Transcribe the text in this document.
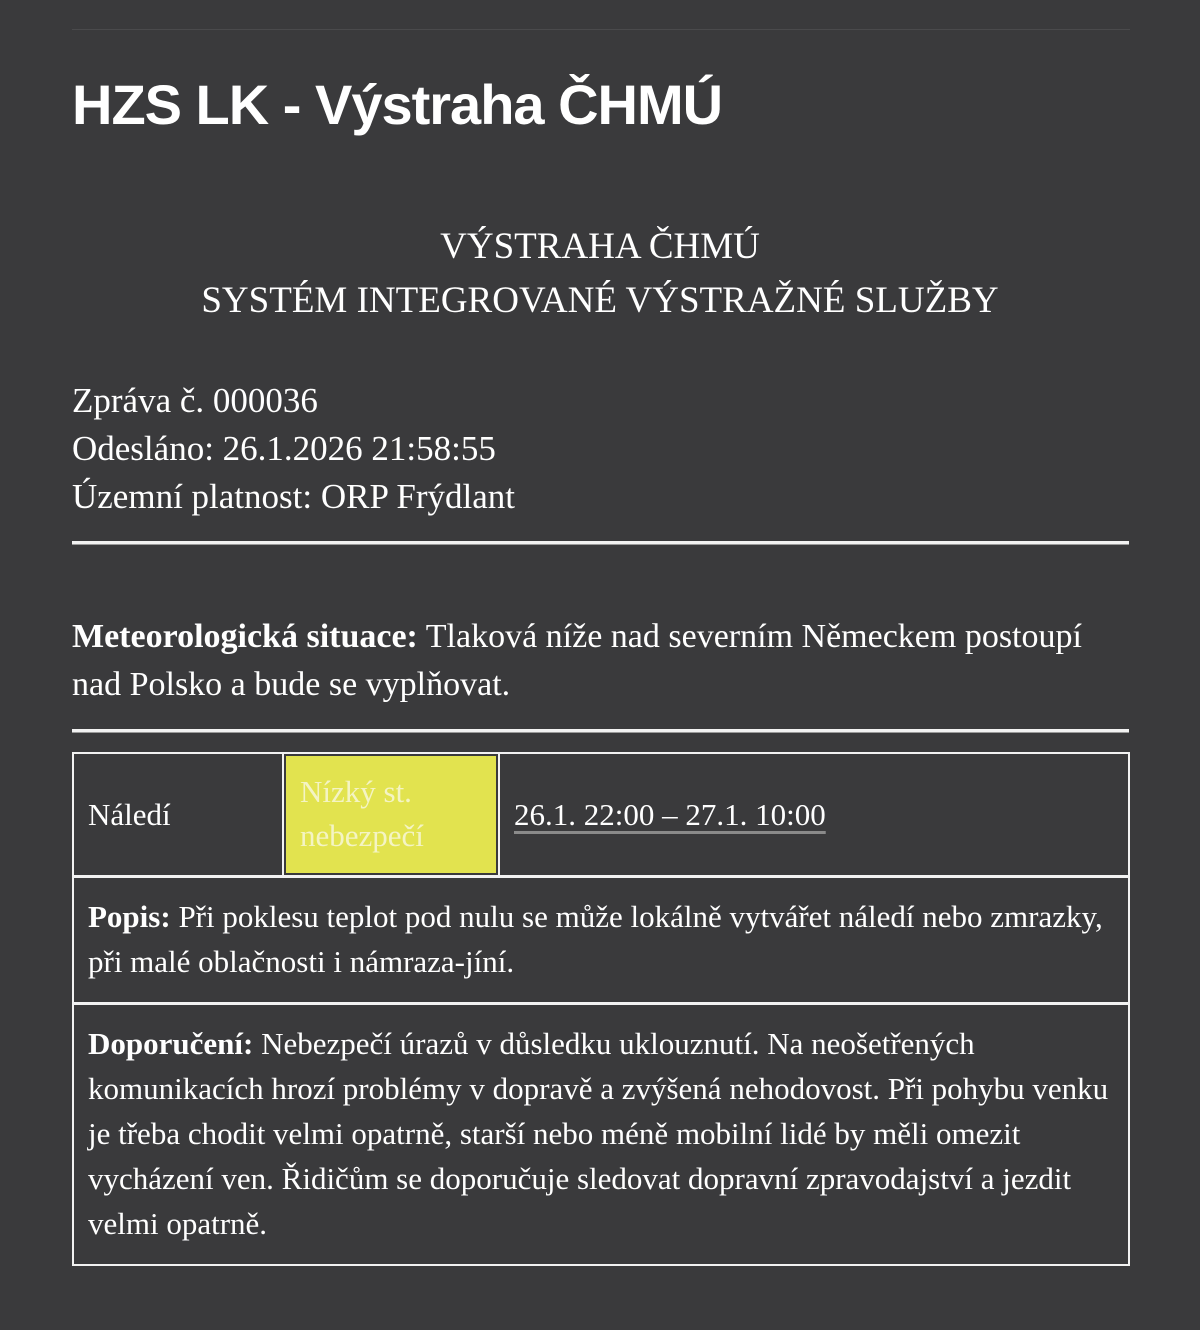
HZS LK - Výstraha ČHMÚ
VÝSTRAHA ČHMÚ
SYSTÉM INTEGROVANÉ VÝSTRAŽNÉ SLUŽBY
Zpráva č. 000036
Odesláno: 26.1.2026 21:58:55
Územní platnost: ORP Frýdlant
Meteorologická situace: Tlaková níže nad severním Německem postoupí nad Polsko a bude se vyplňovat.
Náledí
Nízký st. nebezpečí
26.1. 22:00 – 27.1. 10:00
Popis: Při poklesu teplot pod nulu se může lokálně vytvářet náledí nebo zmrazky, při malé oblačnosti i námraza-jíní.
Doporučení: Nebezpečí úrazů v důsledku uklouznutí. Na neošetřených komunikacích hrozí problémy v dopravě a zvýšená nehodovost. Při pohybu venku je třeba chodit velmi opatrně, starší nebo méně mobilní lidé by měli omezit vycházení ven. Řidičům se doporučuje sledovat dopravní zpravodajství a jezdit velmi opatrně.
